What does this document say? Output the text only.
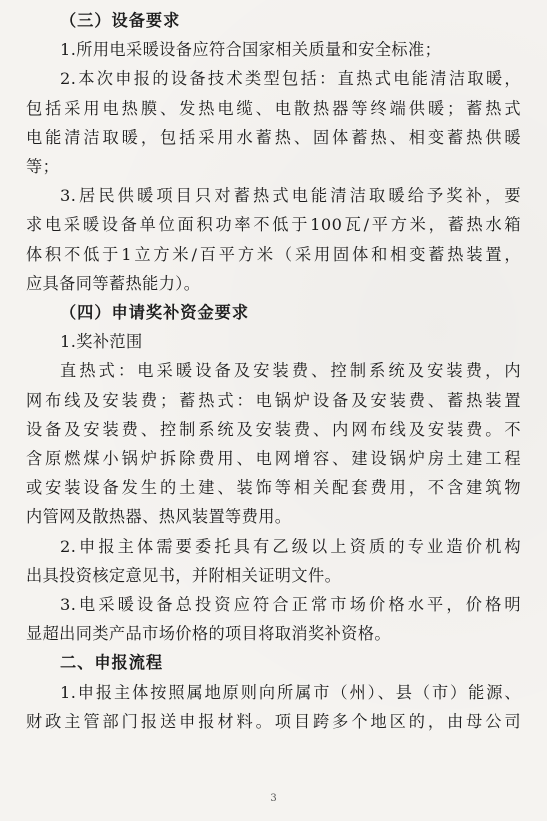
（三）设备要求
1.所用电采暖设备应符合国家相关质量和安全标准；
2.本次申报的设备技术类型包括：直热式电能清洁取暖，
包括采用电热膜、发热电缆、电散热器等终端供暖；蓄热式
电能清洁取暖，包括采用水蓄热、固体蓄热、相变蓄热供暖
等；
3.居民供暖项目只对蓄热式电能清洁取暖给予奖补，要
求电采暖设备单位面积功率不低于100瓦/平方米，蓄热水箱
体积不低于1立方米/百平方米（采用固体和相变蓄热装置，
应具备同等蓄热能力）。
（四）申请奖补资金要求
1.奖补范围
直热式：电采暖设备及安装费、控制系统及安装费，内
网布线及安装费；蓄热式：电锅炉设备及安装费、蓄热装置
设备及安装费、控制系统及安装费、内网布线及安装费。不
含原燃煤小锅炉拆除费用、电网增容、建设锅炉房土建工程
或安装设备发生的土建、装饰等相关配套费用，不含建筑物
内管网及散热器、热风装置等费用。
2.申报主体需要委托具有乙级以上资质的专业造价机构
出具投资核定意见书，并附相关证明文件。
3.电采暖设备总投资应符合正常市场价格水平，价格明
显超出同类产品市场价格的项目将取消奖补资格。
二、申报流程
1.申报主体按照属地原则向所属市（州）、县（市）能源、
财政主管部门报送申报材料。项目跨多个地区的，由母公司
3
